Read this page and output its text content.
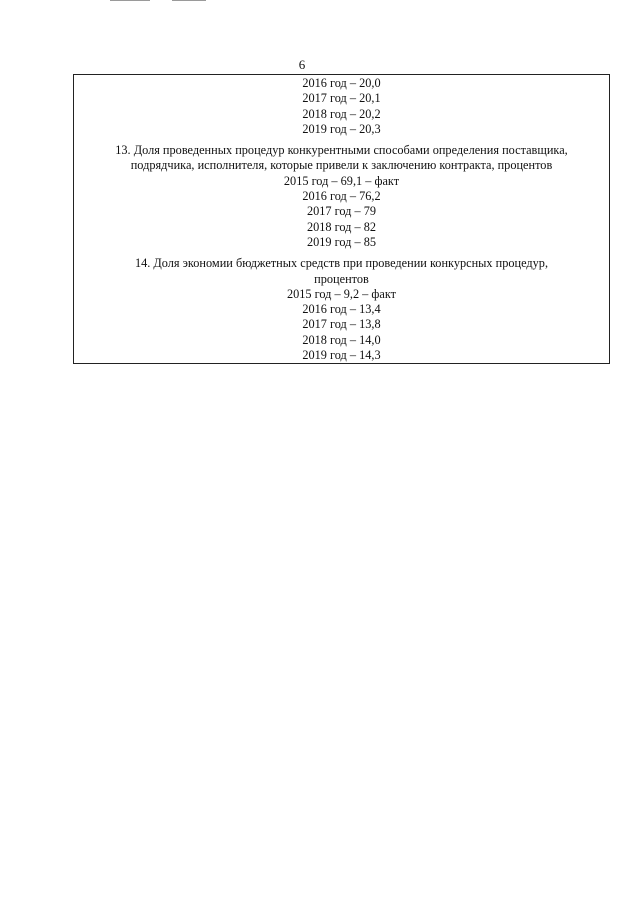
6
2016 год – 20,0
2017 год – 20,1
2018 год – 20,2
2019 год – 20,3
13. Доля проведенных процедур конкурентными способами определения поставщика,
подрядчика, исполнителя, которые привели к заключению контракта, процентов
2015 год – 69,1 – факт
2016 год – 76,2
2017 год – 79
2018 год – 82
2019 год – 85
14. Доля экономии бюджетных средств при проведении конкурсных процедур,
процентов
2015 год – 9,2 – факт
2016 год – 13,4
2017 год – 13,8
2018 год – 14,0
2019 год – 14,3
